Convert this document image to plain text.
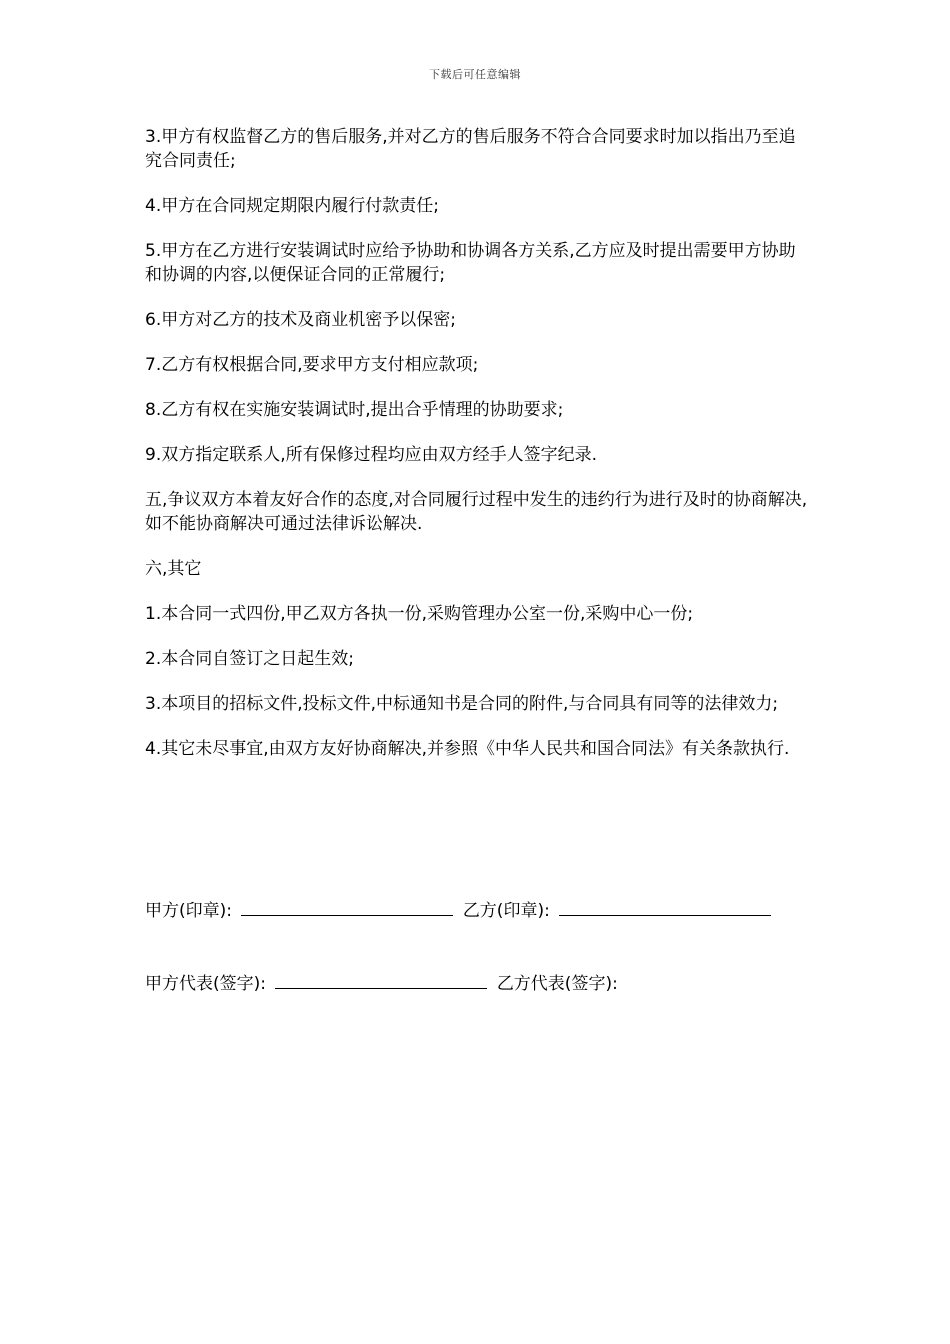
下载后可任意编辑

3.甲方有权监督乙方的售后服务,并对乙方的售后服务不符合合同要求时加以指出乃至追究合同责任;

4.甲方在合同规定期限内履行付款责任;

5.甲方在乙方进行安装调试时应给予协助和协调各方关系,乙方应及时提出需要甲方协助和协调的内容,以便保证合同的正常履行;

6.甲方对乙方的技术及商业机密予以保密;

7.乙方有权根据合同,要求甲方支付相应款项;

8.乙方有权在实施安装调试时,提出合乎情理的协助要求;

9.双方指定联系人,所有保修过程均应由双方经手人签字纪录.

五,争议双方本着友好合作的态度,对合同履行过程中发生的违约行为进行及时的协商解决,如不能协商解决可通过法律诉讼解决.

六,其它

1.本合同一式四份,甲乙双方各执一份,采购管理办公室一份,采购中心一份;

2.本合同自签订之日起生效;

3.本项目的招标文件,投标文件,中标通知书是合同的附件,与合同具有同等的法律效力;

4.其它未尽事宜,由双方友好协商解决,并参照《中华人民共和国合同法》有关条款执行.

甲方(印章):	乙方(印章):
甲方代表(签字):	乙方代表(签字):
